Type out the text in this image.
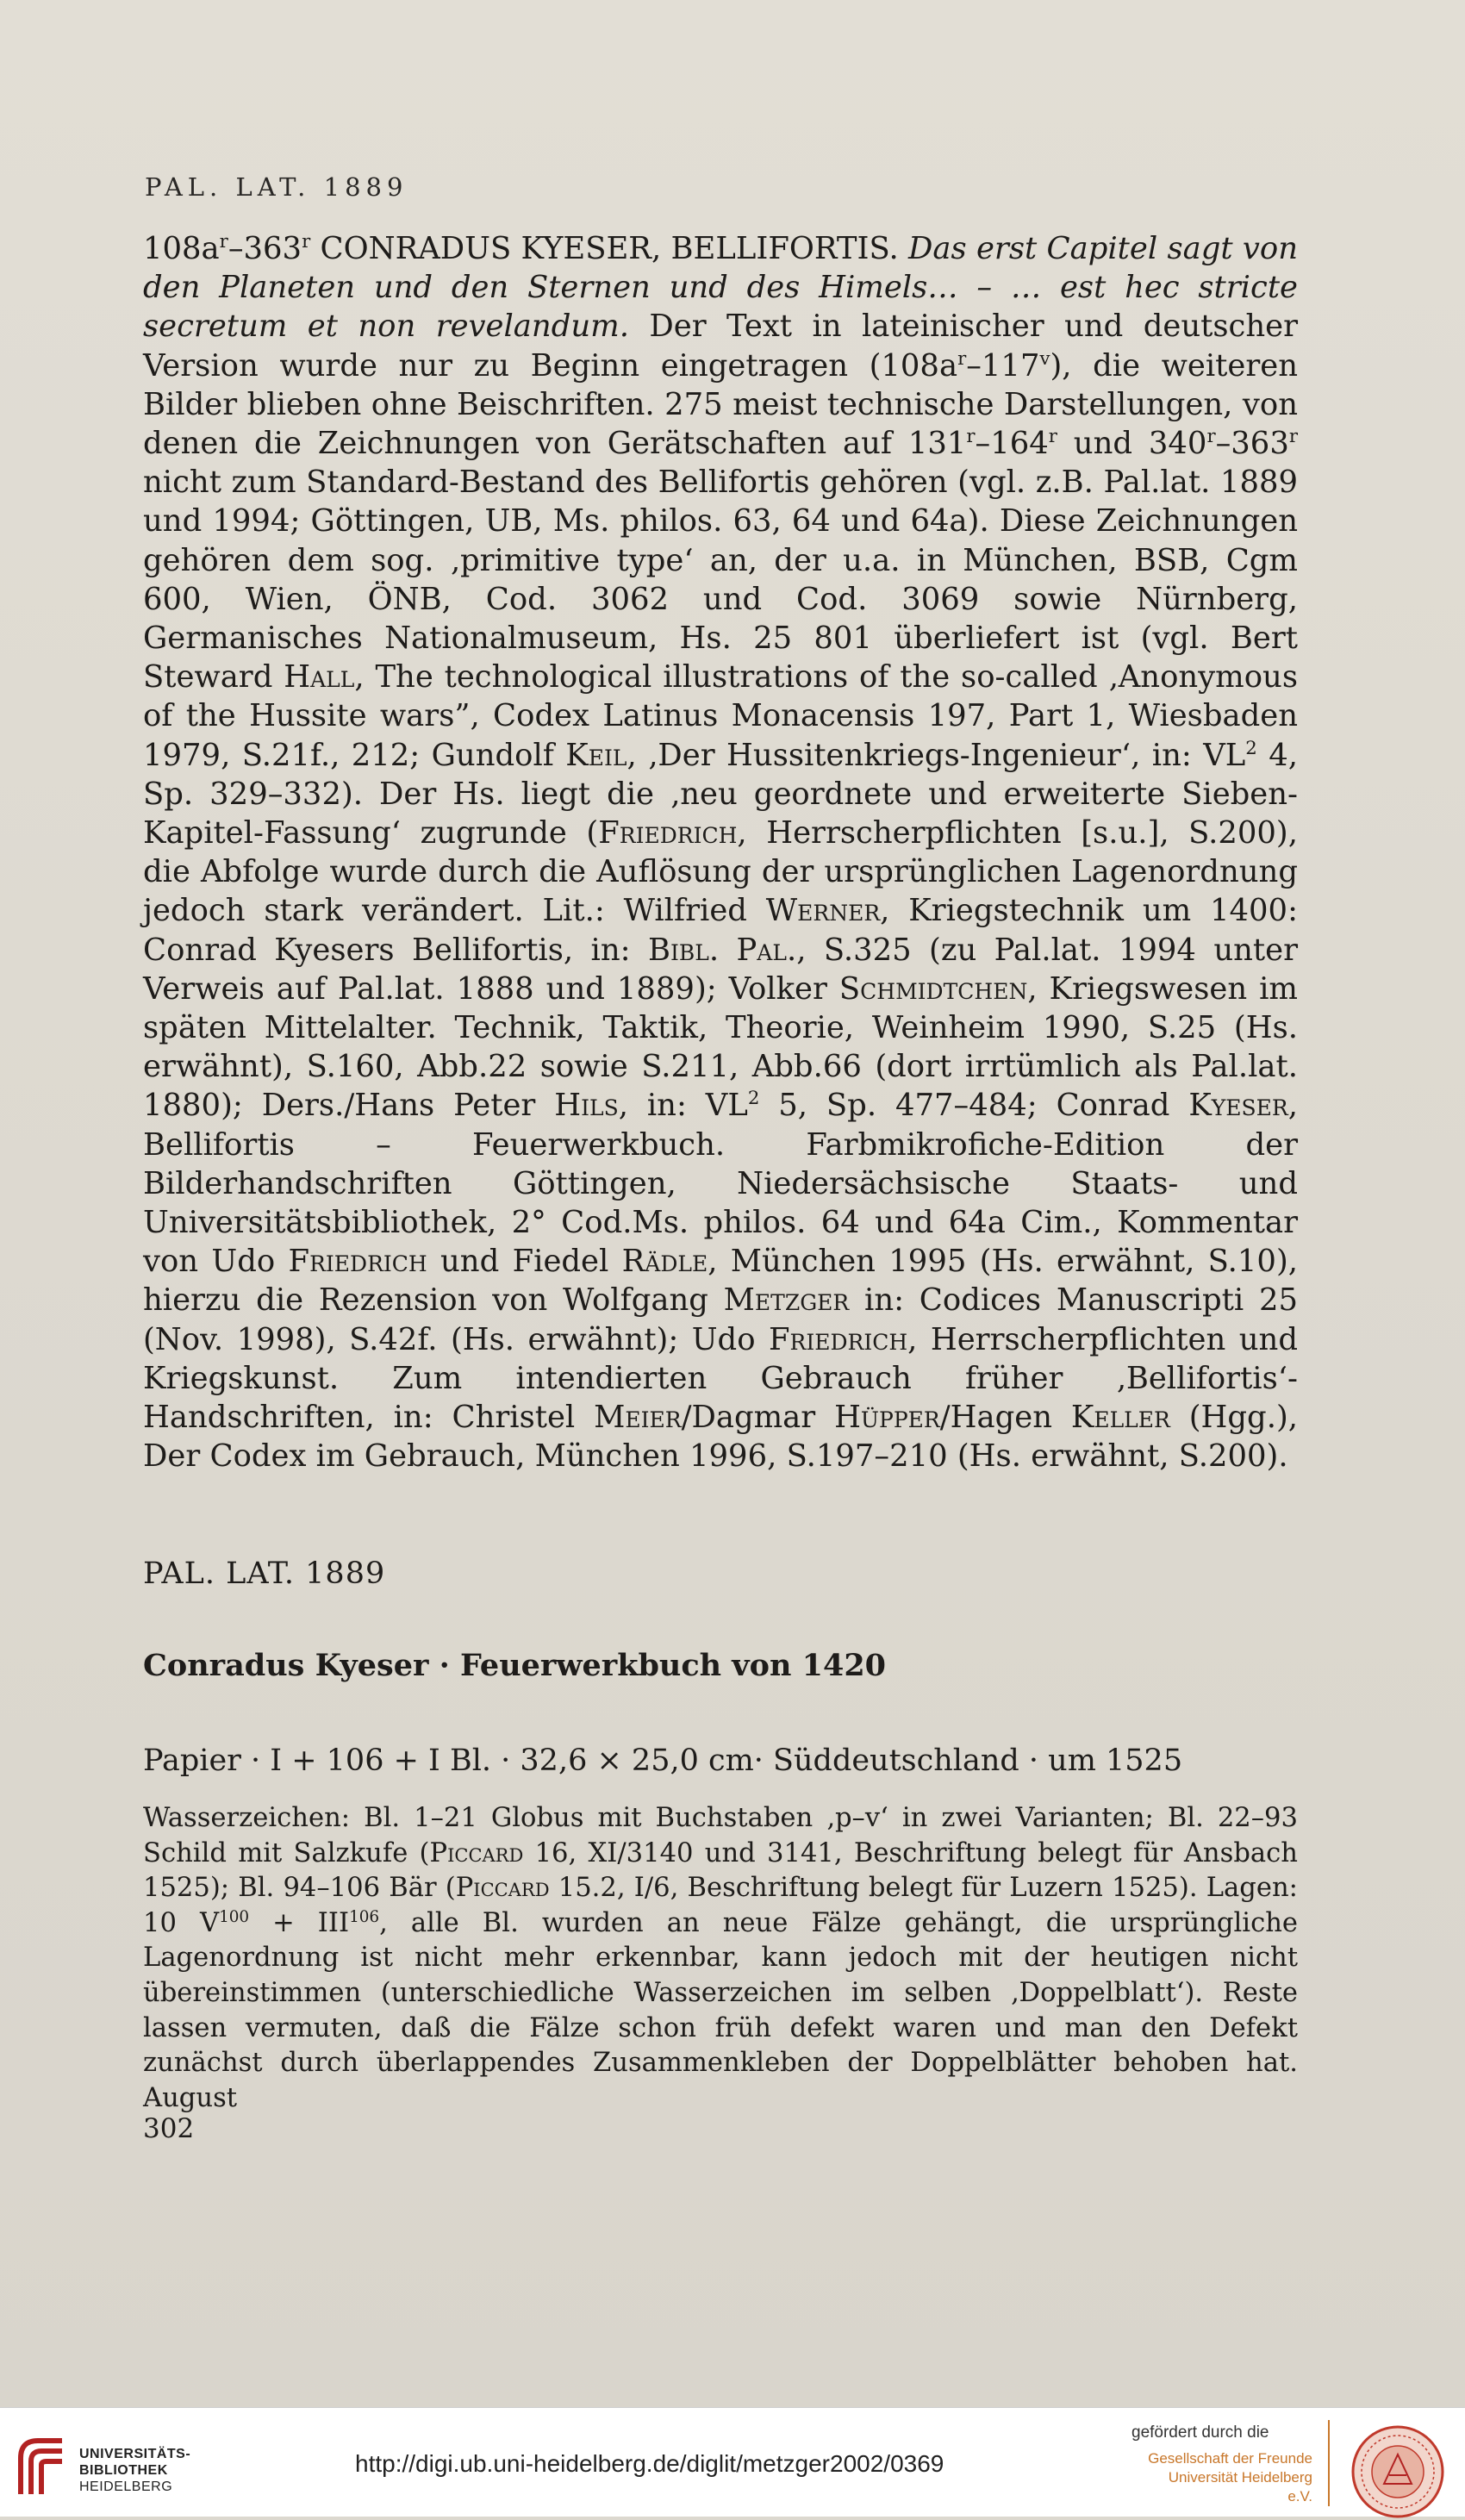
PAL. LAT. 1889

$108a^r-363^r$ CONRADUS KYESER, BELLIFORTIS. Das erst Capitel sagt von den Planeten und den Sternen und des Himels… – … est hec stricte secretum et non revelandum. Der Text in lateinischer und deutscher Version wurde nur zu Beginn eingetragen $(108a^r-117^v)$, die weiteren Bilder blieben ohne Beischriften. 275 meist technische Darstellungen, von denen die Zeichnungen von Gerätschaften auf 131$^r$–164$^r$ und 340$^r$–363$^r$ nicht zum Standard-Bestand des Bellifortis gehören (vgl. z.B. Pal.lat. 1889 und 1994; Göttingen, UB, Ms. philos. 63, 64 und 64a). Diese Zeichnungen gehören dem sog. ‚primitive type‘ an, der u.a. in München, BSB, Cgm 600, Wien, ÖNB, Cod. 3062 und Cod. 3069 sowie Nürnberg, Germanisches Nationalmuseum, Hs. 25 801 überliefert ist (vgl. Bert Steward Hall, The technological illustrations of the so-called ‚Anonymous of the Hussite wars”, Codex Latinus Monacensis 197, Part 1, Wiesbaden 1979, S.21f., 212; Gundolf Keil, ‚Der Hussitenkriegs-Ingenieur‘, in: $VL^2$ 4, Sp. 329–332). Der Hs. liegt die ‚neu geordnete und erweiterte Sieben-Kapitel-Fassung‘ zugrunde (Friedrich, Herrscherpflichten [s.u.], S.200), die Abfolge wurde durch die Auflösung der ursprünglichen Lagenordnung jedoch stark verändert. Lit.: Wilfried Werner, Kriegstechnik um 1400: Conrad Kyesers Bellifortis, in: Bibl. Pal., S.325 (zu Pal.lat. 1994 unter Verweis auf Pal.lat. 1888 und 1889); Volker Schmidtchen, Kriegswesen im späten Mittelalter. Technik, Taktik, Theorie, Weinheim 1990, S.25 (Hs. erwähnt), S.160, Abb.22 sowie S.211, Abb.66 (dort irrtümlich als Pal.lat. 1880); Ders./Hans Peter Hils, in: $VL^2$ 5, Sp. 477–484; Conrad Kyeser, Bellifortis – Feuerwerkbuch. Farbmikrofiche-Edition der Bilderhandschriften Göttingen, Niedersächsische Staats- und Universitätsbibliothek, 2° Cod.Ms. philos. 64 und 64a Cim., Kommentar von Udo Friedrich und Fiedel Rädle, München 1995 (Hs. erwähnt, S.10), hierzu die Rezension von Wolfgang Metzger in: Codices Manuscripti 25 (Nov. 1998), S.42f. (Hs. erwähnt); Udo Friedrich, Herrscherpflichten und Kriegskunst. Zum intendierten Gebrauch früher ‚Bellifortis‘-Handschriften, in: Christel Meier/Dagmar Hüpper/Hagen Keller (Hgg.), Der Codex im Gebrauch, München 1996, S.197–210 (Hs. erwähnt, S.200).

PAL. LAT. 1889
Conradus Kyeser · Feuerwerkbuch von 1420
Papier · I + 106 + I Bl. · 32,6 × 25,0 cm· Süddeutschland · um 1525

Wasserzeichen: Bl. 1–21 Globus mit Buchstaben ‚p–v‘ in zwei Varianten; Bl. 22–93 Schild mit Salzkufe (Piccard 16, XI/3140 und 3141, Beschriftung belegt für Ansbach 1525); Bl. 94–106 Bär (Piccard 15.2, I/6, Beschriftung belegt für Luzern 1525). Lagen: 10 $V^{100} + III^{106}$, alle Bl. wurden an neue Fälze gehängt, die ursprüngliche Lagenordnung ist nicht mehr erkennbar, kann jedoch mit der heutigen nicht übereinstimmen (unterschiedliche Wasserzeichen im selben ‚Doppelblatt‘). Reste lassen vermuten, daß die Fälze schon früh defekt waren und man den Defekt zunächst durch überlappendes Zusammenkleben der Doppelblätter behoben hat. August

302
UNIVERSITÄTS-
BIBLIOTHEK
HEIDELBERG
http://digi.ub.uni-heidelberg.de/diglit/metzger2002/0369
gefördert durch die
Gesellschaft der Freunde
Universität Heidelberg e.V.
